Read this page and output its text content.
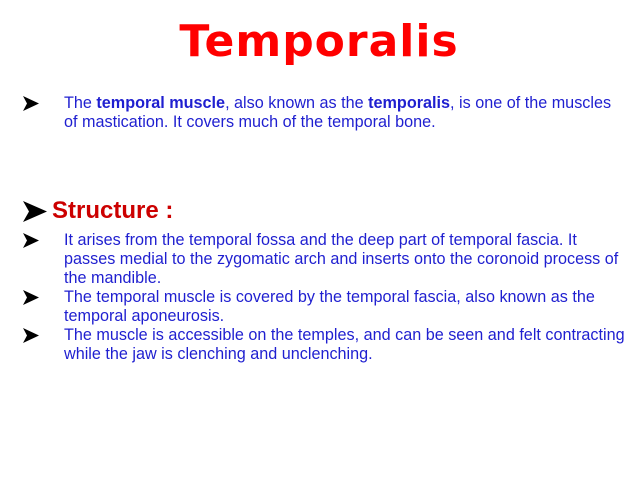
Temporalis
The temporal muscle, also known as the temporalis, is one of the muscles of mastication. It covers much of the temporal bone.
Structure :
It arises from the temporal fossa and the deep part of temporal fascia. It passes medial to the zygomatic arch and inserts onto the coronoid process of the mandible.
The temporal muscle is covered by the temporal fascia, also known as the temporal aponeurosis.
The muscle is accessible on the temples, and can be seen and felt contracting while the jaw is clenching and unclenching.
